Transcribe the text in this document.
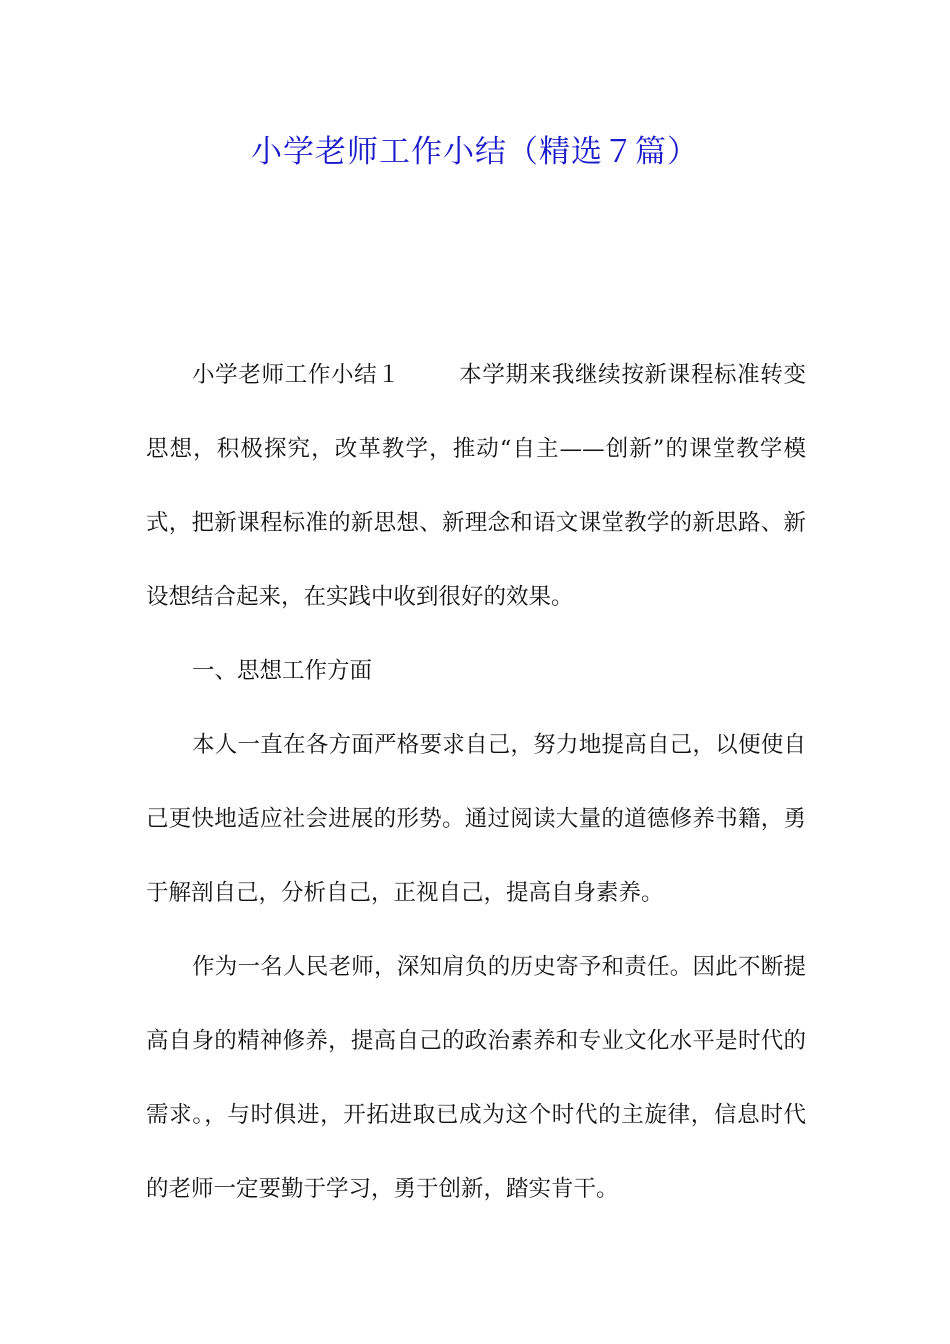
小学老师工作小结（精选７篇）

小学老师工作小结１	本学期来我继续按新课程标准转变思想，积极探究，改革教学，推动“自主——创新”的课堂教学模式，把新课程标准的新思想、新理念和语文课堂教学的新思路、新设想结合起来，在实践中收到很好的效果。

一、思想工作方面

本人一直在各方面严格要求自己，努力地提高自己，以便使自己更快地适应社会进展的形势。通过阅读大量的道德修养书籍，勇于解剖自己，分析自己，正视自己，提高自身素养。

作为一名人民老师，深知肩负的历史寄予和责任。因此不断提高自身的精神修养，提高自己的政治素养和专业文化水平是时代的需求。，与时俱进，开拓进取已成为这个时代的主旋律，信息时代的老师一定要勤于学习，勇于创新，踏实肯干。
